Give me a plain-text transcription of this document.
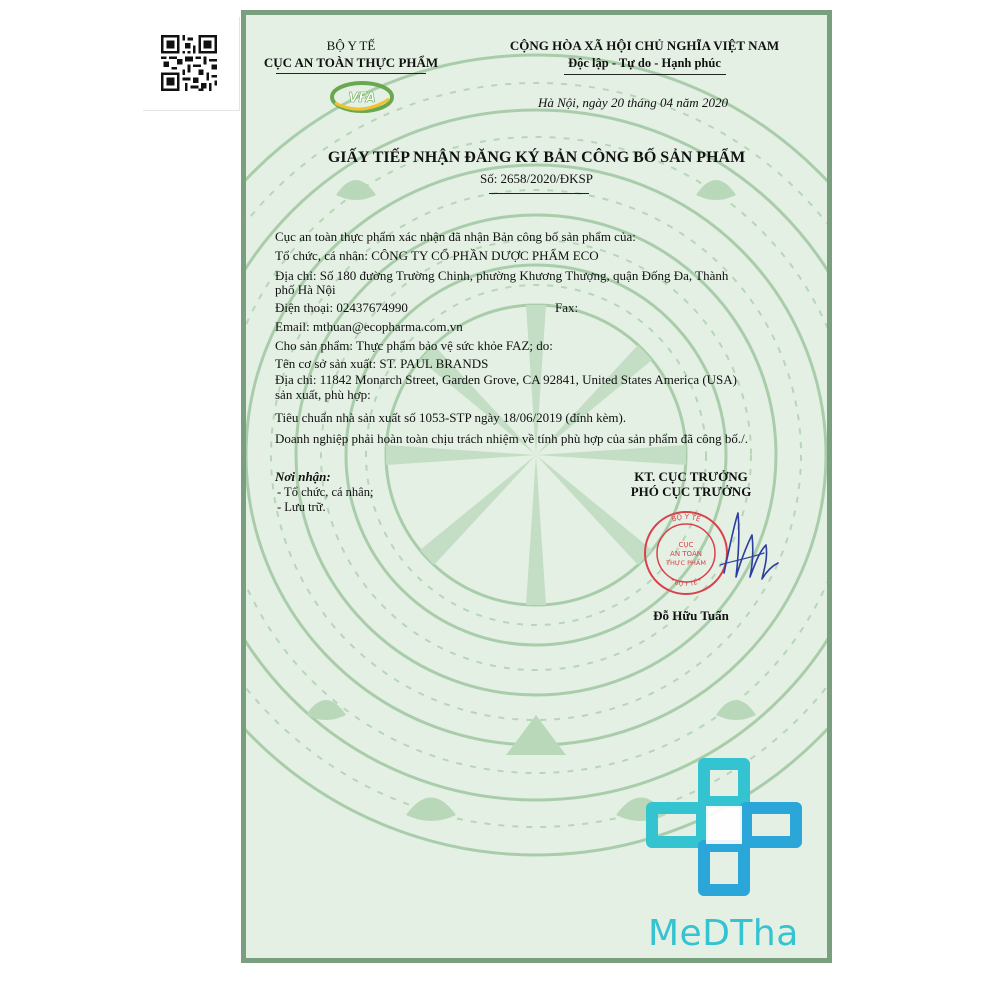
BỘ Y TẾ
CỤC AN TOÀN THỰC PHẨM
VFA
CỘNG HÒA XÃ HỘI CHỦ NGHĨA VIỆT NAM
Độc lập - Tự do - Hạnh phúc
Hà Nội, ngày 20 tháng 04 năm 2020
GIẤY TIẾP NHẬN ĐĂNG KÝ BẢN CÔNG BỐ SẢN PHẨM
Số: 2658/2020/ĐKSP
Cục an toàn thực phẩm xác nhận đã nhận Bản công bố sản phẩm của:
Tổ chức, cá nhân: CÔNG TY CỔ PHẦN DƯỢC PHẨM ECO
Địa chỉ: Số 180 đường Trường Chinh, phường Khương Thượng, quận Đống Đa, Thành
phố Hà Nội
Điện thoại: 02437674990	Fax:
Email: mthuan@ecopharma.com.vn
Cho sản phẩm: Thực phẩm bảo vệ sức khỏe FAZ; do:
Tên cơ sở sản xuất: ST. PAUL BRANDS
Địa chỉ: 11842 Monarch Street, Garden Grove, CA 92841, United States America (USA)
sản xuất, phù hợp:
Tiêu chuẩn nhà sản xuất số 1053-STP ngày 18/06/2019 (đính kèm).
Doanh nghiệp phải hoàn toàn chịu trách nhiệm về tính phù hợp của sản phẩm đã công bố./.
Nơi nhận:
- Tổ chức, cá nhân;
- Lưu trữ.
KT. CỤC TRƯỞNG
PHÓ CỤC TRƯỞNG
BỘ Y TẾ
* BỘ Y TẾ *
CỤC
AN TOÀN
THỰC PHẨM
Đỗ Hữu Tuấn
MeDTha
